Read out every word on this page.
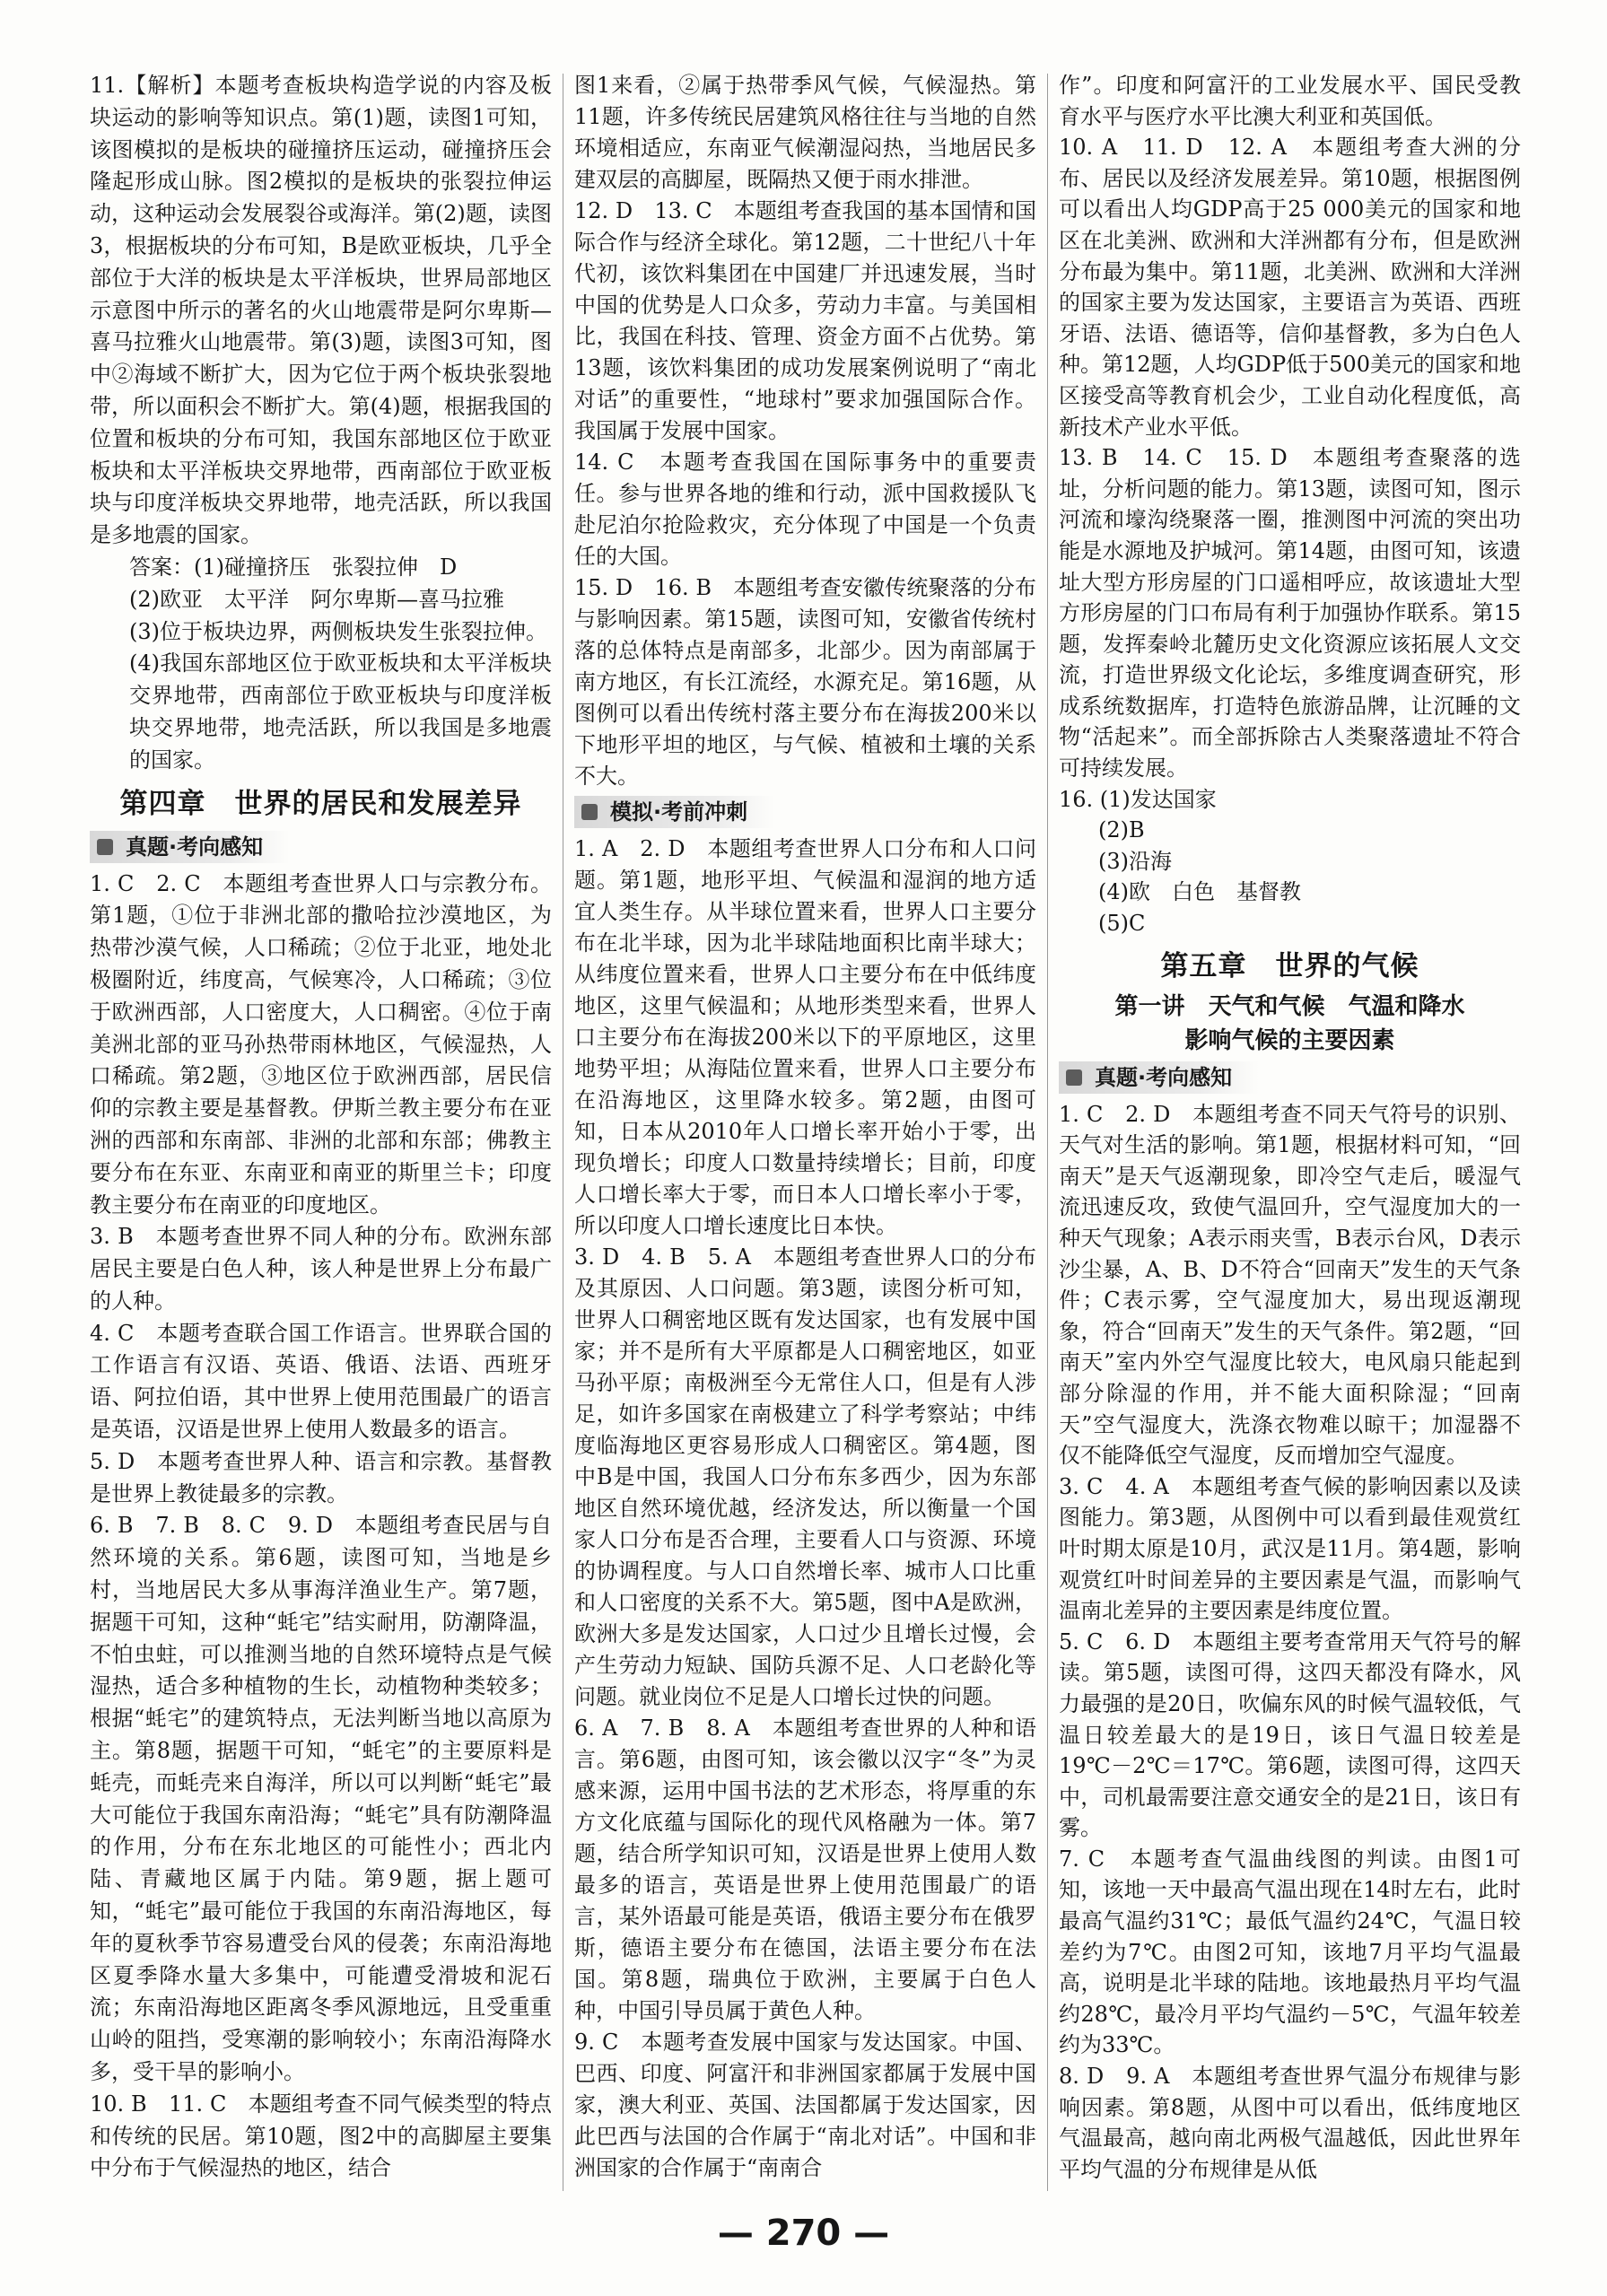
11.【解析】本题考查板块构造学说的内容及板块运动的影响等知识点。第(1)题，读图1可知，该图模拟的是板块的碰撞挤压运动，碰撞挤压会隆起形成山脉。图2模拟的是板块的张裂拉伸运动，这种运动会发展裂谷或海洋。第(2)题，读图3，根据板块的分布可知，B是欧亚板块，几乎全部位于大洋的板块是太平洋板块，世界局部地区示意图中所示的著名的火山地震带是阿尔卑斯—喜马拉雅火山地震带。第(3)题，读图3可知，图中②海域不断扩大，因为它位于两个板块张裂地带，所以面积会不断扩大。第(4)题，根据我国的位置和板块的分布可知，我国东部地区位于欧亚板块和太平洋板块交界地带，西南部位于欧亚板块与印度洋板块交界地带，地壳活跃，所以我国是多地震的国家。

答案：(1)碰撞挤压　张裂拉伸　D

(2)欧亚　太平洋　阿尔卑斯—喜马拉雅

(3)位于板块边界，两侧板块发生张裂拉伸。

(4)我国东部地区位于欧亚板块和太平洋板块交界地带，西南部位于欧亚板块与印度洋板块交界地带，地壳活跃，所以我国是多地震的国家。

第四章　世界的居民和发展差异
真题·考向感知

1. C　2. C　本题组考查世界人口与宗教分布。第1题，①位于非洲北部的撒哈拉沙漠地区，为热带沙漠气候，人口稀疏；②位于北亚，地处北极圈附近，纬度高，气候寒冷，人口稀疏；③位于欧洲西部，人口密度大，人口稠密。④位于南美洲北部的亚马孙热带雨林地区，气候湿热，人口稀疏。第2题，③地区位于欧洲西部，居民信仰的宗教主要是基督教。伊斯兰教主要分布在亚洲的西部和东南部、非洲的北部和东部；佛教主要分布在东亚、东南亚和南亚的斯里兰卡；印度教主要分布在南亚的印度地区。

3. B　本题考查世界不同人种的分布。欧洲东部居民主要是白色人种，该人种是世界上分布最广的人种。

4. C　本题考查联合国工作语言。世界联合国的工作语言有汉语、英语、俄语、法语、西班牙语、阿拉伯语，其中世界上使用范围最广的语言是英语，汉语是世界上使用人数最多的语言。

5. D　本题考查世界人种、语言和宗教。基督教是世界上教徒最多的宗教。

6. B　7. B　8. C　9. D　本题组考查民居与自然环境的关系。第6题，读图可知，当地是乡村，当地居民大多从事海洋渔业生产。第7题，据题干可知，这种“蚝宅”结实耐用，防潮降温，不怕虫蛀，可以推测当地的自然环境特点是气候湿热，适合多种植物的生长，动植物种类较多；根据“蚝宅”的建筑特点，无法判断当地以高原为主。第8题，据题干可知，“蚝宅”的主要原料是蚝壳，而蚝壳来自海洋，所以可以判断“蚝宅”最大可能位于我国东南沿海；“蚝宅”具有防潮降温的作用，分布在东北地区的可能性小；西北内陆、青藏地区属于内陆。第9题，据上题可知，“蚝宅”最可能位于我国的东南沿海地区，每年的夏秋季节容易遭受台风的侵袭；东南沿海地区夏季降水量大多集中，可能遭受滑坡和泥石流；东南沿海地区距离冬季风源地远，且受重重山岭的阻挡，受寒潮的影响较小；东南沿海降水多，受干旱的影响小。

10. B　11. C　本题组考查不同气候类型的特点和传统的民居。第10题，图2中的高脚屋主要集中分布于气候湿热的地区，结合

图1来看，②属于热带季风气候，气候湿热。第11题，许多传统民居建筑风格往往与当地的自然环境相适应，东南亚气候潮湿闷热，当地居民多建双层的高脚屋，既隔热又便于雨水排泄。

12. D　13. C　本题组考查我国的基本国情和国际合作与经济全球化。第12题，二十世纪八十年代初，该饮料集团在中国建厂并迅速发展，当时中国的优势是人口众多，劳动力丰富。与美国相比，我国在科技、管理、资金方面不占优势。第13题，该饮料集团的成功发展案例说明了“南北对话”的重要性，“地球村”要求加强国际合作。我国属于发展中国家。

14. C　本题考查我国在国际事务中的重要责任。参与世界各地的维和行动，派中国救援队飞赴尼泊尔抢险救灾，充分体现了中国是一个负责任的大国。

15. D　16. B　本题组考查安徽传统聚落的分布与影响因素。第15题，读图可知，安徽省传统村落的总体特点是南部多，北部少。因为南部属于南方地区，有长江流经，水源充足。第16题，从图例可以看出传统村落主要分布在海拔200米以下地形平坦的地区，与气候、植被和土壤的关系不大。

模拟·考前冲刺

1. A　2. D　本题组考查世界人口分布和人口问题。第1题，地形平坦、气候温和湿润的地方适宜人类生存。从半球位置来看，世界人口主要分布在北半球，因为北半球陆地面积比南半球大；从纬度位置来看，世界人口主要分布在中低纬度地区，这里气候温和；从地形类型来看，世界人口主要分布在海拔200米以下的平原地区，这里地势平坦；从海陆位置来看，世界人口主要分布在沿海地区，这里降水较多。第2题，由图可知，日本从2010年人口增长率开始小于零，出现负增长；印度人口数量持续增长；目前，印度人口增长率大于零，而日本人口增长率小于零，所以印度人口增长速度比日本快。

3. D　4. B　5. A　本题组考查世界人口的分布及其原因、人口问题。第3题，读图分析可知，世界人口稠密地区既有发达国家，也有发展中国家；并不是所有大平原都是人口稠密地区，如亚马孙平原；南极洲至今无常住人口，但是有人涉足，如许多国家在南极建立了科学考察站；中纬度临海地区更容易形成人口稠密区。第4题，图中B是中国，我国人口分布东多西少，因为东部地区自然环境优越，经济发达，所以衡量一个国家人口分布是否合理，主要看人口与资源、环境的协调程度。与人口自然增长率、城市人口比重和人口密度的关系不大。第5题，图中A是欧洲，欧洲大多是发达国家，人口过少且增长过慢，会产生劳动力短缺、国防兵源不足、人口老龄化等问题。就业岗位不足是人口增长过快的问题。

6. A　7. B　8. A　本题组考查世界的人种和语言。第6题，由图可知，该会徽以汉字“冬”为灵感来源，运用中国书法的艺术形态，将厚重的东方文化底蕴与国际化的现代风格融为一体。第7题，结合所学知识可知，汉语是世界上使用人数最多的语言，英语是世界上使用范围最广的语言，某外语最可能是英语，俄语主要分布在俄罗斯，德语主要分布在德国，法语主要分布在法国。第8题，瑞典位于欧洲，主要属于白色人种，中国引导员属于黄色人种。

9. C　本题考查发展中国家与发达国家。中国、巴西、印度、阿富汗和非洲国家都属于发展中国家，澳大利亚、英国、法国都属于发达国家，因此巴西与法国的合作属于“南北对话”。中国和非洲国家的合作属于“南南合

作”。印度和阿富汗的工业发展水平、国民受教育水平与医疗水平比澳大利亚和英国低。

10. A　11. D　12. A　本题组考查大洲的分布、居民以及经济发展差异。第10题，根据图例可以看出人均GDP高于25 000美元的国家和地区在北美洲、欧洲和大洋洲都有分布，但是欧洲分布最为集中。第11题，北美洲、欧洲和大洋洲的国家主要为发达国家，主要语言为英语、西班牙语、法语、德语等，信仰基督教，多为白色人种。第12题，人均GDP低于500美元的国家和地区接受高等教育机会少，工业自动化程度低，高新技术产业水平低。

13. B　14. C　15. D　本题组考查聚落的选址，分析问题的能力。第13题，读图可知，图示河流和壕沟绕聚落一圈，推测图中河流的突出功能是水源地及护城河。第14题，由图可知，该遗址大型方形房屋的门口遥相呼应，故该遗址大型方形房屋的门口布局有利于加强协作联系。第15题，发挥秦岭北麓历史文化资源应该拓展人文交流，打造世界级文化论坛，多维度调查研究，形成系统数据库，打造特色旅游品牌，让沉睡的文物“活起来”。而全部拆除古人类聚落遗址不符合可持续发展。

16. (1)发达国家

(2)B

(3)沿海

(4)欧　白色　基督教

(5)C

第五章　世界的气候
第一讲　天气和气候　气温和降水
影响气候的主要因素
真题·考向感知

1. C　2. D　本题组考查不同天气符号的识别、天气对生活的影响。第1题，根据材料可知，“回南天”是天气返潮现象，即冷空气走后，暖湿气流迅速反攻，致使气温回升，空气湿度加大的一种天气现象；A表示雨夹雪，B表示台风，D表示沙尘暴，A、B、D不符合“回南天”发生的天气条件；C表示雾，空气湿度加大，易出现返潮现象，符合“回南天”发生的天气条件。第2题，“回南天”室内外空气湿度比较大，电风扇只能起到部分除湿的作用，并不能大面积除湿；“回南天”空气湿度大，洗涤衣物难以晾干；加湿器不仅不能降低空气湿度，反而增加空气湿度。

3. C　4. A　本题组考查气候的影响因素以及读图能力。第3题，从图例中可以看到最佳观赏红叶时期太原是10月，武汉是11月。第4题，影响观赏红叶时间差异的主要因素是气温，而影响气温南北差异的主要因素是纬度位置。

5. C　6. D　本题组主要考查常用天气符号的解读。第5题，读图可得，这四天都没有降水，风力最强的是20日，吹偏东风的时候气温较低，气温日较差最大的是19日，该日气温日较差是19℃－2℃＝17℃。第6题，读图可得，这四天中，司机最需要注意交通安全的是21日，该日有雾。

7. C　本题考查气温曲线图的判读。由图1可知，该地一天中最高气温出现在14时左右，此时最高气温约31℃；最低气温约24℃，气温日较差约为7℃。由图2可知，该地7月平均气温最高，说明是北半球的陆地。该地最热月平均气温约28℃，最冷月平均气温约－5℃，气温年较差约为33℃。

8. D　9. A　本题组考查世界气温分布规律与影响因素。第8题，从图中可以看出，低纬度地区气温最高，越向南北两极气温越低，因此世界年平均气温的分布规律是从低

— 270 —
